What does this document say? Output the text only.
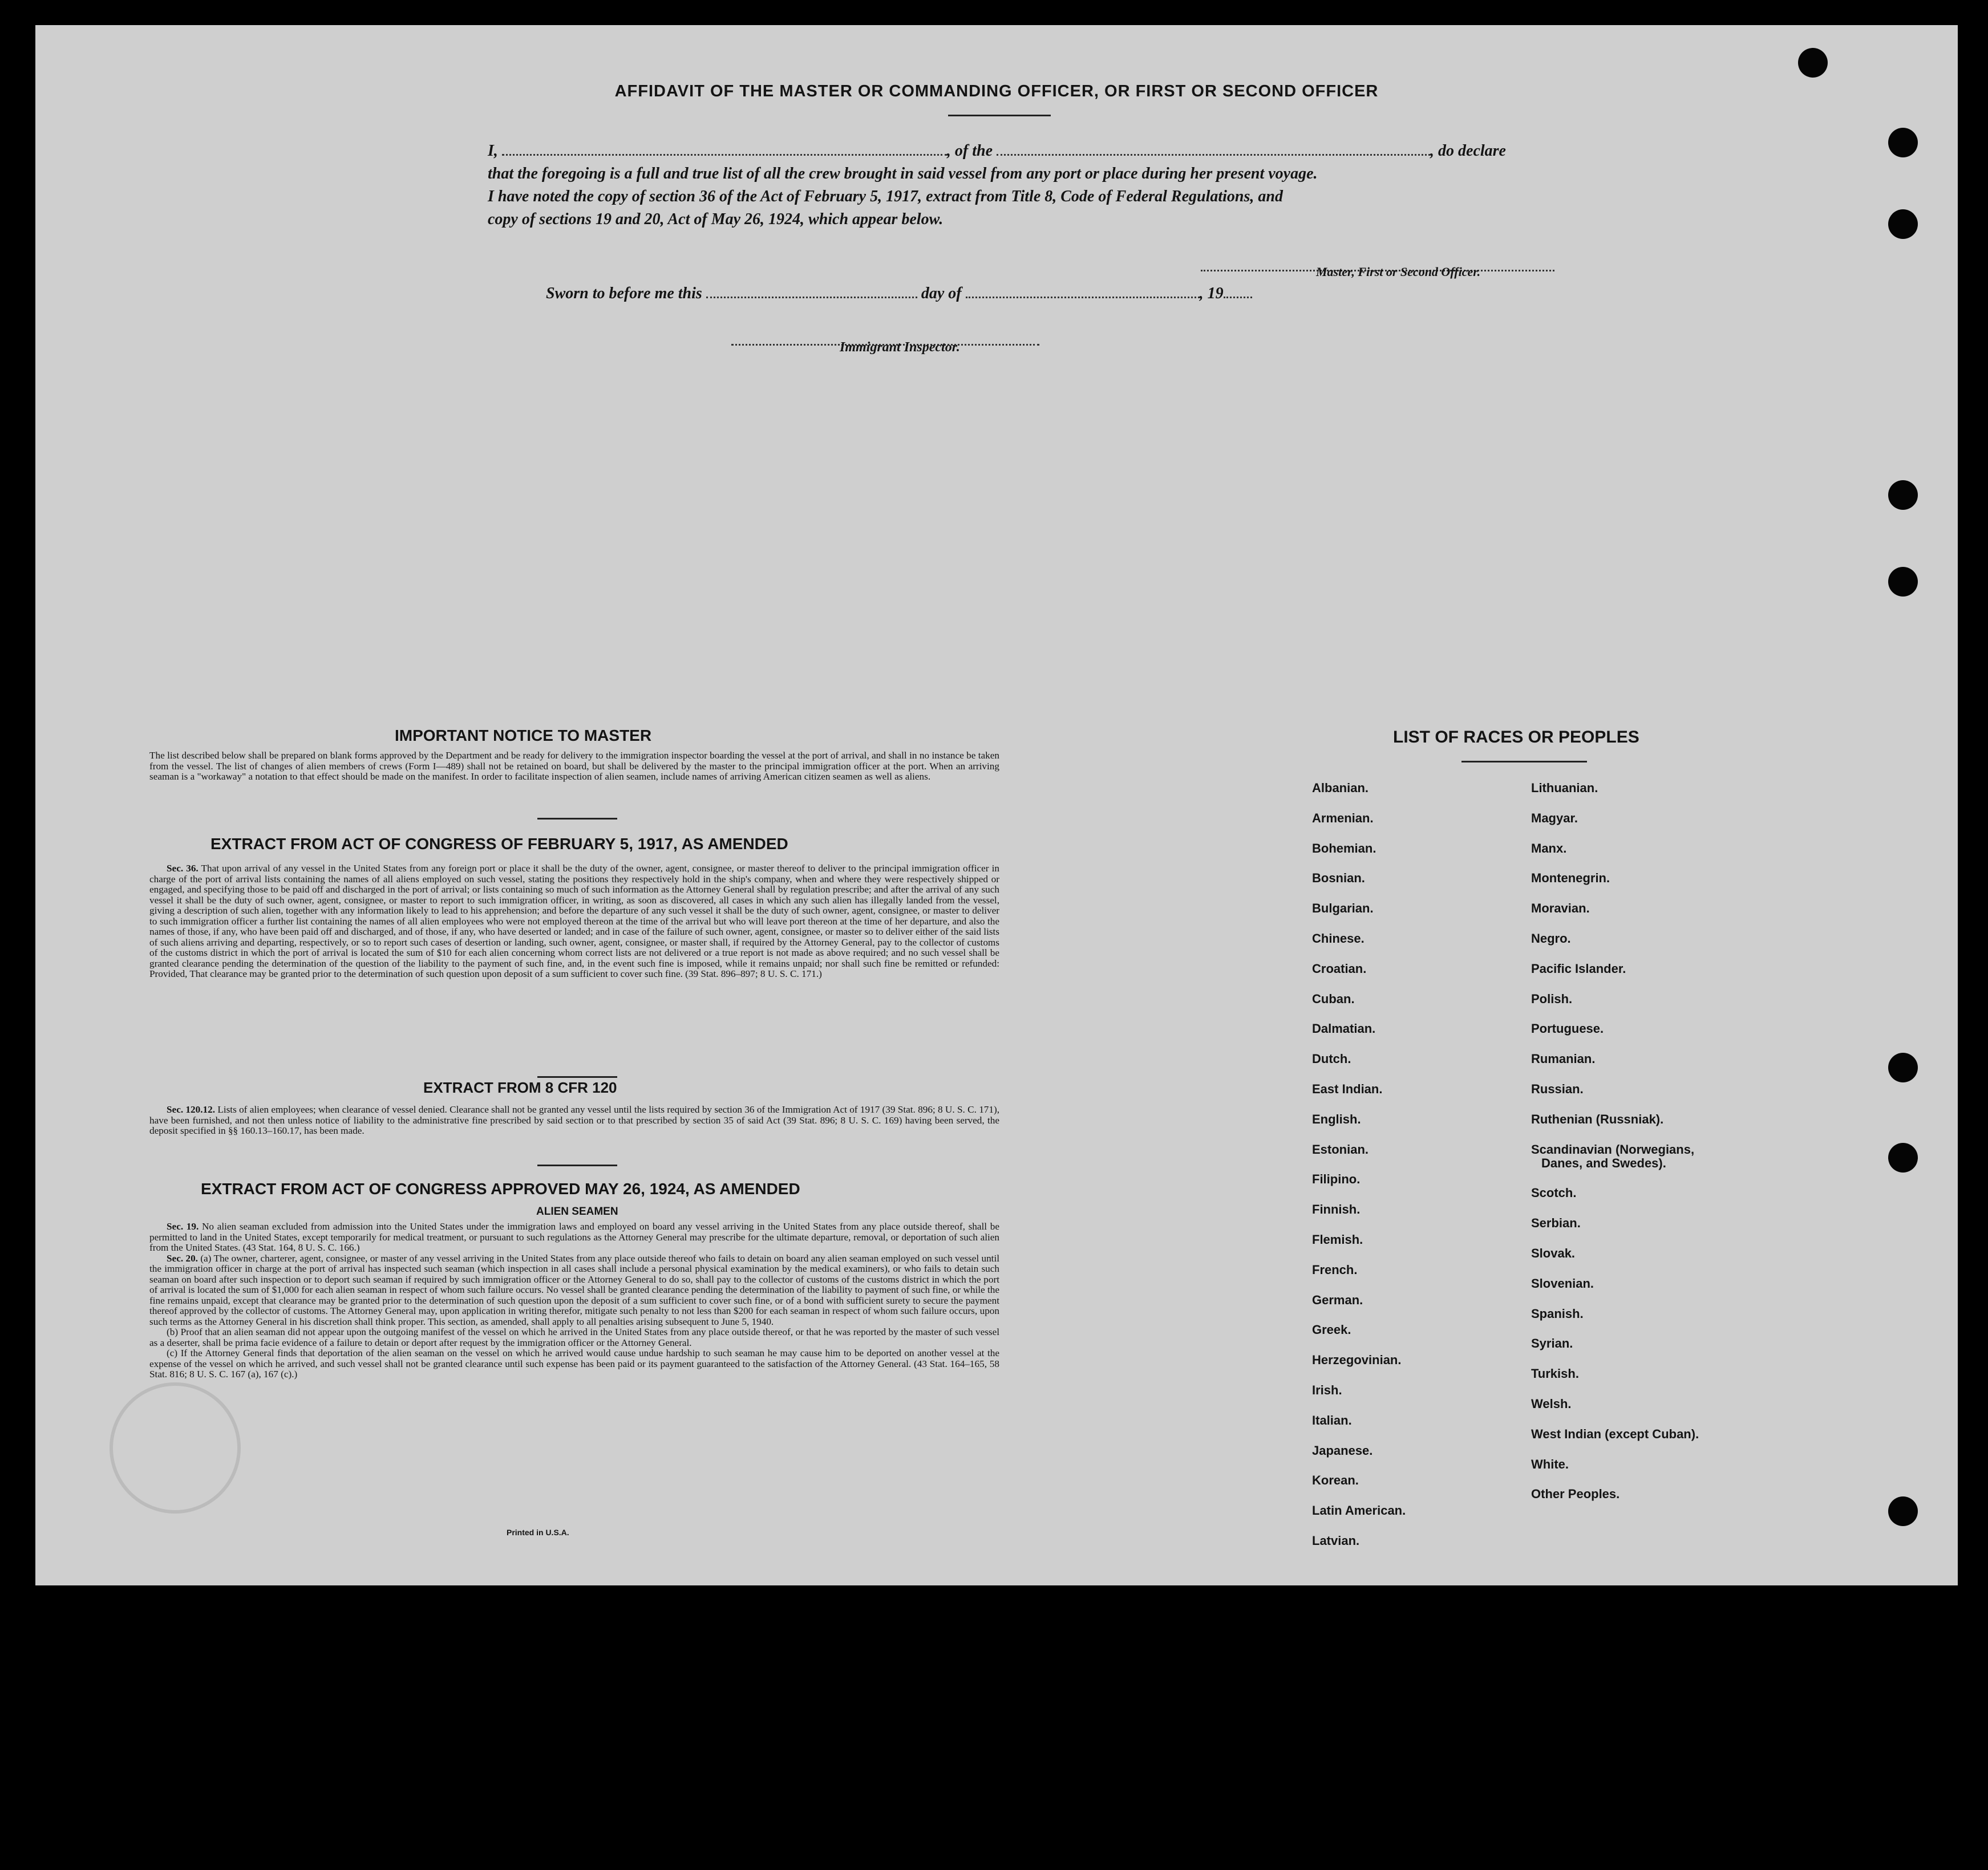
AFFIDAVIT OF THE MASTER OR COMMANDING OFFICER, OR FIRST OR SECOND OFFICER
I,	, of the	, do declare
that the foregoing is a full and true list of all the crew brought in said vessel from any port or place during her present voyage.
I have noted the copy of section 36 of the Act of February 5, 1917, extract from Title 8, Code of Federal Regulations, and
copy of sections 19 and 20, Act of May 26, 1924, which appear below.
Master, First or Second Officer.
Sworn to before me this	day of	, 19
Immigrant Inspector.
IMPORTANT NOTICE TO MASTER
The list described below shall be prepared on blank forms approved by the Department and be ready for delivery to the immigration inspector boarding the vessel at the port of arrival, and shall in no instance be taken from the vessel. The list of changes of alien members of crews (Form I—489) shall not be retained on board, but shall be delivered by the master to the principal immigration officer at the port. When an arriving seaman is a "workaway" a notation to that effect should be made on the manifest. In order to facilitate inspection of alien seamen, include names of arriving American citizen seamen as well as aliens.
EXTRACT FROM ACT OF CONGRESS OF FEBRUARY 5, 1917, AS AMENDED
Sec. 36. That upon arrival of any vessel in the United States from any foreign port or place it shall be the duty of the owner, agent, consignee, or master thereof to deliver to the principal immigration officer in charge of the port of arrival lists containing the names of all aliens employed on such vessel, stating the positions they respectively hold in the ship's company, when and where they were respectively shipped or engaged, and specifying those to be paid off and discharged in the port of arrival; or lists containing so much of such information as the Attorney General shall by regulation prescribe; and after the arrival of any such vessel it shall be the duty of such owner, agent, consignee, or master to report to such immigration officer, in writing, as soon as discovered, all cases in which any such alien has illegally landed from the vessel, giving a description of such alien, together with any information likely to lead to his apprehension; and before the departure of any such vessel it shall be the duty of such owner, agent, consignee, or master to deliver to such immigration officer a further list containing the names of all alien employees who were not employed thereon at the time of the arrival but who will leave port thereon at the time of her departure, and also the names of those, if any, who have been paid off and discharged, and of those, if any, who have deserted or landed; and in case of the failure of such owner, agent, consignee, or master so to deliver either of the said lists of such aliens arriving and departing, respectively, or so to report such cases of desertion or landing, such owner, agent, consignee, or master shall, if required by the Attorney General, pay to the collector of customs of the customs district in which the port of arrival is located the sum of $10 for each alien concerning whom correct lists are not delivered or a true report is not made as above required; and no such vessel shall be granted clearance pending the determination of the question of the liability to the payment of such fine, and, in the event such fine is imposed, while it remains unpaid; nor shall such fine be remitted or refunded: Provided, That clearance may be granted prior to the determination of such question upon deposit of a sum sufficient to cover such fine. (39 Stat. 896–897; 8 U. S. C. 171.)
EXTRACT FROM 8 CFR 120
Sec. 120.12. Lists of alien employees; when clearance of vessel denied. Clearance shall not be granted any vessel until the lists required by section 36 of the Immigration Act of 1917 (39 Stat. 896; 8 U. S. C. 171), have been furnished, and not then unless notice of liability to the administrative fine prescribed by said section or to that prescribed by section 35 of said Act (39 Stat. 896; 8 U. S. C. 169) having been served, the deposit specified in §§ 160.13–160.17, has been made.
EXTRACT FROM ACT OF CONGRESS APPROVED MAY 26, 1924, AS AMENDED
ALIEN SEAMEN
Sec. 19. No alien seaman excluded from admission into the United States under the immigration laws and employed on board any vessel arriving in the United States from any place outside thereof, shall be permitted to land in the United States, except temporarily for medical treatment, or pursuant to such regulations as the Attorney General may prescribe for the ultimate departure, removal, or deportation of such alien from the United States. (43 Stat. 164, 8 U. S. C. 166.)
Sec. 20. (a) The owner, charterer, agent, consignee, or master of any vessel arriving in the United States from any place outside thereof who fails to detain on board any alien seaman employed on such vessel until the immigration officer in charge at the port of arrival has inspected such seaman (which inspection in all cases shall include a personal physical examination by the medical examiners), or who fails to detain such seaman on board after such inspection or to deport such seaman if required by such immigration officer or the Attorney General to do so, shall pay to the collector of customs of the customs district in which the port of arrival is located the sum of $1,000 for each alien seaman in respect of whom such failure occurs. No vessel shall be granted clearance pending the determination of the liability to payment of such fine, or while the fine remains unpaid, except that clearance may be granted prior to the determination of such question upon the deposit of a sum sufficient to cover such fine, or of a bond with sufficient surety to secure the payment thereof approved by the collector of customs. The Attorney General may, upon application in writing therefor, mitigate such penalty to not less than $200 for each seaman in respect of whom such failure occurs, upon such terms as the Attorney General in his discretion shall think proper. This section, as amended, shall apply to all penalties arising subsequent to June 5, 1940.
(b) Proof that an alien seaman did not appear upon the outgoing manifest of the vessel on which he arrived in the United States from any place outside thereof, or that he was reported by the master of such vessel as a deserter, shall be prima facie evidence of a failure to detain or deport after request by the immigration officer or the Attorney General.
(c) If the Attorney General finds that deportation of the alien seaman on the vessel on which he arrived would cause undue hardship to such seaman he may cause him to be deported on another vessel at the expense of the vessel on which he arrived, and such vessel shall not be granted clearance until such expense has been paid or its payment guaranteed to the satisfaction of the Attorney General. (43 Stat. 164–165, 58 Stat. 816; 8 U. S. C. 167 (a), 167 (c).)
Printed in U.S.A.
LIST OF RACES OR PEOPLES
Albanian.
Armenian.
Bohemian.
Bosnian.
Bulgarian.
Chinese.
Croatian.
Cuban.
Dalmatian.
Dutch.
East Indian.
English.
Estonian.
Filipino.
Finnish.
Flemish.
French.
German.
Greek.
Herzegovinian.
Irish.
Italian.
Japanese.
Korean.
Latin American.
Latvian.
Lithuanian.
Magyar.
Manx.
Montenegrin.
Moravian.
Negro.
Pacific Islander.
Polish.
Portuguese.
Rumanian.
Russian.
Ruthenian (Russniak).
Scandinavian (Norwegians,
Danes, and Swedes).
Scotch.
Serbian.
Slovak.
Slovenian.
Spanish.
Syrian.
Turkish.
Welsh.
West Indian (except Cuban).
White.
Other Peoples.
